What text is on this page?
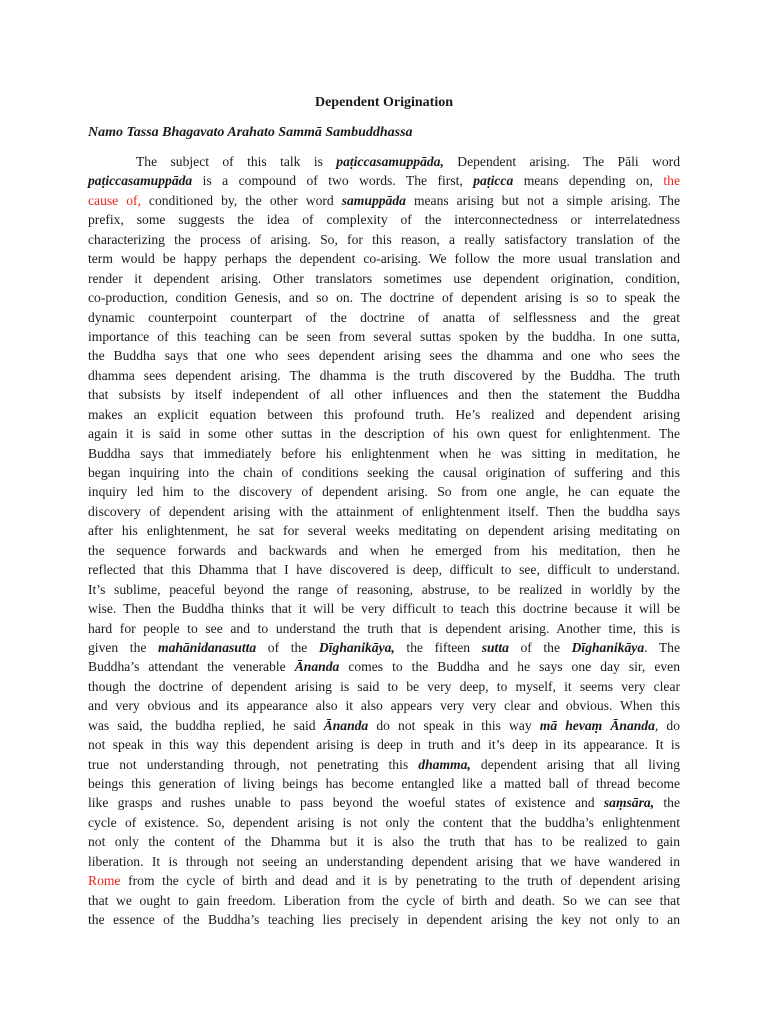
Dependent Origination
Namo Tassa Bhagavato Arahato Sammā Sambuddhassa
The subject of this talk is paṭiccasamuppāda, Dependent arising. The Pāli word
paṭiccasamuppāda is a compound of two words. The first, paṭicca means depending on, the
cause of, conditioned by, the other word samuppāda means arising but not a simple arising. The
prefix, some suggests the idea of complexity of the interconnectedness or interrelatedness
characterizing the process of arising. So, for this reason, a really satisfactory translation of the
term would be happy perhaps the dependent co-arising. We follow the more usual translation and
render it dependent arising. Other translators sometimes use dependent origination, condition,
co-production, condition Genesis, and so on. The doctrine of dependent arising is so to speak the
dynamic counterpoint counterpart of the doctrine of anatta of selflessness and the great
importance of this teaching can be seen from several suttas spoken by the buddha. In one sutta,
the Buddha says that one who sees dependent arising sees the dhamma and one who sees the
dhamma sees dependent arising. The dhamma is the truth discovered by the Buddha. The truth
that subsists by itself independent of all other influences and then the statement the Buddha
makes an explicit equation between this profound truth. He’s realized and dependent arising
again it is said in some other suttas in the description of his own quest for enlightenment. The
Buddha says that immediately before his enlightenment when he was sitting in meditation, he
began inquiring into the chain of conditions seeking the causal origination of suffering and this
inquiry led him to the discovery of dependent arising. So from one angle, he can equate the
discovery of dependent arising with the attainment of enlightenment itself. Then the buddha says
after his enlightenment, he sat for several weeks meditating on dependent arising meditating on
the sequence forwards and backwards and when he emerged from his meditation, then he
reflected that this Dhamma that I have discovered is deep, difficult to see, difficult to understand.
It’s sublime, peaceful beyond the range of reasoning, abstruse, to be realized in worldly by the
wise. Then the Buddha thinks that it will be very difficult to teach this doctrine because it will be
hard for people to see and to understand the truth that is dependent arising. Another time, this is
given the mahānidanasutta of the Dīghanikāya, the fifteen sutta of the Dīghanikāya. The
Buddha’s attendant the venerable Ānanda comes to the Buddha and he says one day sir, even
though the doctrine of dependent arising is said to be very deep, to myself, it seems very clear
and very obvious and its appearance also it also appears very very clear and obvious. When this
was said, the buddha replied, he said Ānanda do not speak in this way mā hevaṃ Ānanda, do
not speak in this way this dependent arising is deep in truth and it’s deep in its appearance. It is
true not understanding through, not penetrating this dhamma, dependent arising that all living
beings this generation of living beings has become entangled like a matted ball of thread become
like grasps and rushes unable to pass beyond the woeful states of existence and saṃsāra, the
cycle of existence. So, dependent arising is not only the content that the buddha’s enlightenment
not only the content of the Dhamma but it is also the truth that has to be realized to gain
liberation. It is through not seeing an understanding dependent arising that we have wandered in
Rome from the cycle of birth and dead and it is by penetrating to the truth of dependent arising
that we ought to gain freedom. Liberation from the cycle of birth and death. So we can see that
the essence of the Buddha’s teaching lies precisely in dependent arising the key not only to an
